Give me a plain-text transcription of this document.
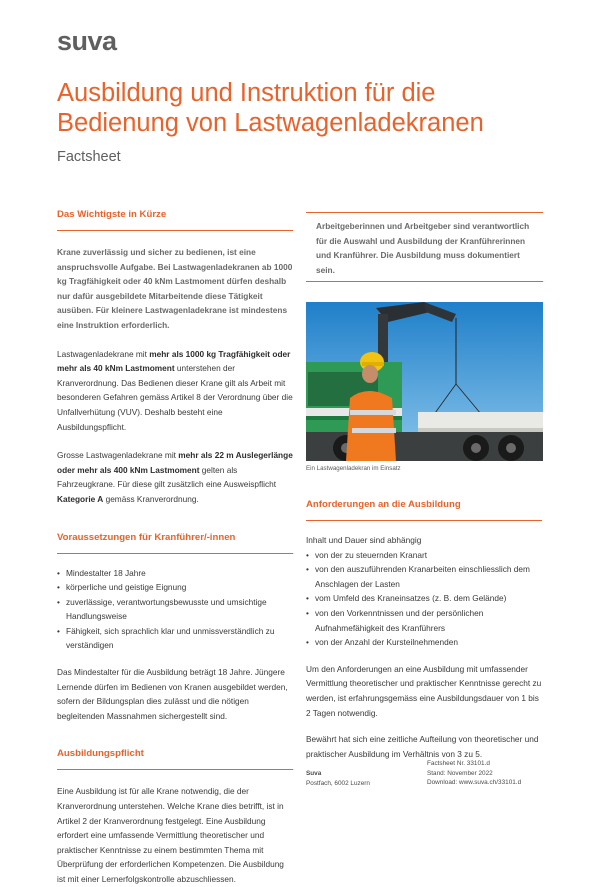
suva
Ausbildung und Instruktion für die Bedienung von Lastwagenladekranen
Factsheet
Das Wichtigste in Kürze

Krane zuverlässig und sicher zu bedienen, ist eine anspruchsvolle Aufgabe. Bei Lastwagenladekranen ab 1000 kg Tragfähigkeit oder 40 kNm Lastmoment dürfen deshalb nur dafür ausgebildete Mitarbeitende diese Tätigkeit ausüben. Für kleinere Lastwagenladekrane ist mindestens eine Instruktion erforderlich.

Lastwagenladekrane mit mehr als 1000 kg Tragfähigkeit oder mehr als 40 kNm Lastmoment unterstehen der Kranverordnung. Das Bedienen dieser Krane gilt als Arbeit mit besonderen Gefahren gemäss Artikel 8 der Verordnung über die Unfallverhütung (VUV). Deshalb besteht eine Ausbildungspflicht.

Grosse Lastwagenladekrane mit mehr als 22 m Auslegerlänge oder mehr als 400 kNm Lastmoment gelten als Fahrzeugkrane. Für diese gilt zusätzlich eine Ausweispflicht Kategorie A gemäss Kranverordnung.

Voraussetzungen für Kranführer/-innen
• Mindestalter 18 Jahre
• körperliche und geistige Eignung
• zuverlässige, verantwortungsbewusste und umsichtige Handlungsweise
• Fähigkeit, sich sprachlich klar und unmissverständlich zu verständigen

Das Mindestalter für die Ausbildung beträgt 18 Jahre. Jüngere Lernende dürfen im Bedienen von Kranen ausgebildet werden, sofern der Bildungsplan dies zulässt und die nötigen begleitenden Massnahmen sichergestellt sind.

Ausbildungspflicht

Eine Ausbildung ist für alle Krane notwendig, die der Kranverordnung unterstehen. Welche Krane dies betrifft, ist in Artikel 2 der Kranverordnung festgelegt. Eine Ausbildung erfordert eine umfassende Vermittlung theoretischer und praktischer Kenntnisse zu einem bestimmten Thema mit Überprüfung der erforderlichen Kompetenzen. Die Ausbildung ist mit einer Lernerfolgskontrolle abzuschliessen.

Arbeitgeberinnen und Arbeitgeber sind verantwortlich für die Auswahl und Ausbildung der Kranführerinnen und Kranführer. Die Ausbildung muss dokumentiert sein.
Ein Lastwagenladekran im Einsatz
Anforderungen an die Ausbildung

Inhalt und Dauer sind abhängig

• von der zu steuernden Kranart
• von den auszuführenden Kranarbeiten einschliesslich dem Anschlagen der Lasten
• vom Umfeld des Kraneinsatzes (z. B. dem Gelände)
• von den Vorkenntnissen und der persönlichen Aufnahmefähigkeit des Kranführers
• von der Anzahl der Kursteilnehmenden

Um den Anforderungen an eine Ausbildung mit umfassender Vermittlung theoretischer und praktischer Kenntnisse gerecht zu werden, ist erfahrungsgemäss eine Ausbildungsdauer von 1 bis 2 Tagen notwendig.

Bewährt hat sich eine zeitliche Aufteilung von theoretischer und praktischer Ausbildung im Verhältnis von 3 zu 5.

Suva
Postfach, 6002 Luzern
Factsheet Nr. 33101.d
Stand: November 2022
Download: www.suva.ch/33101.d
